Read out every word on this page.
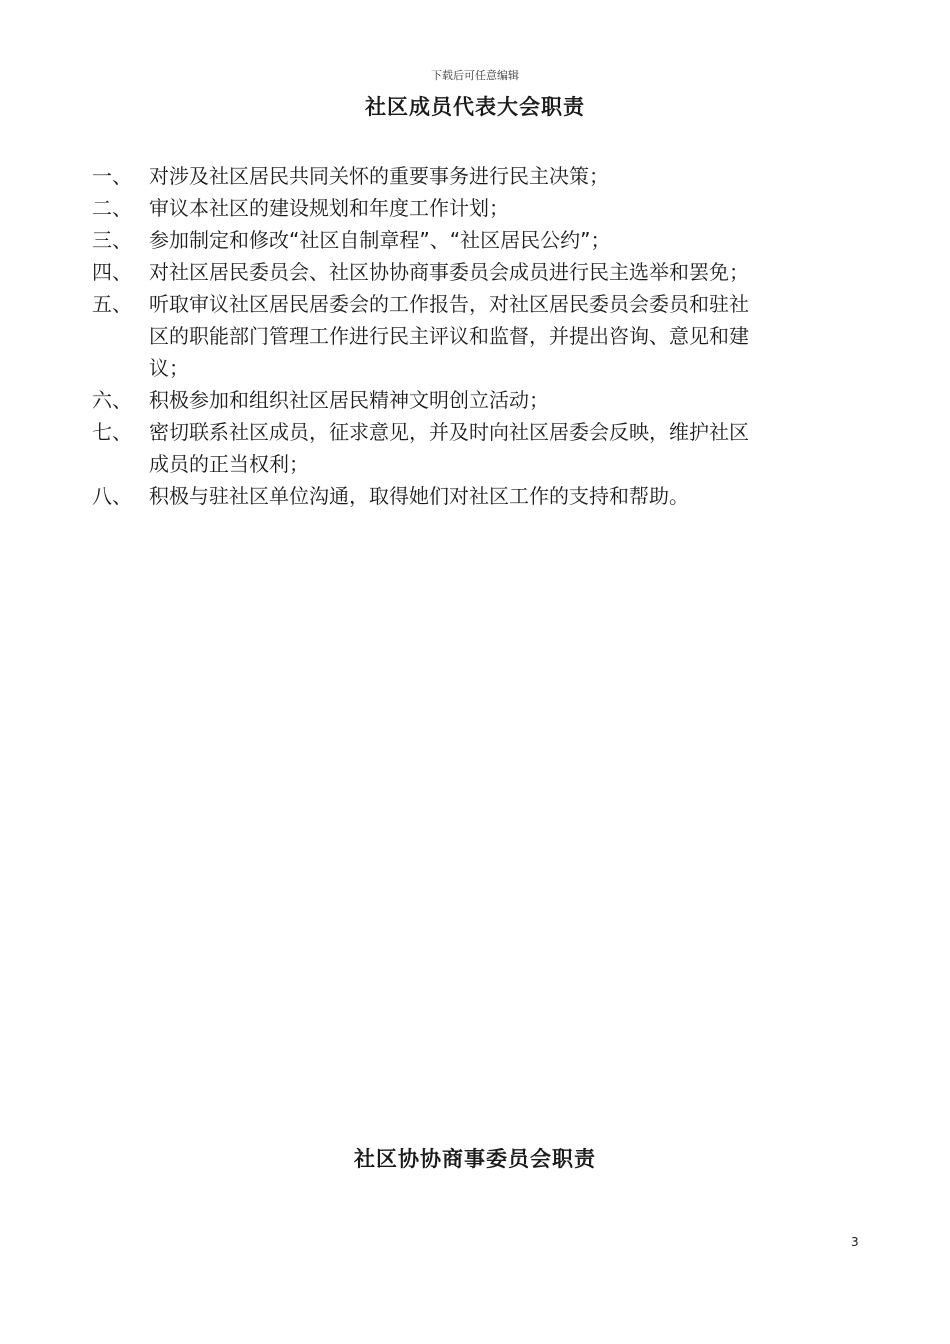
下载后可任意编辑
社区成员代表大会职责
一、 对涉及社区居民共同关怀的重要事务进行民主决策；
二、 审议本社区的建设规划和年度工作计划；
三、 参加制定和修改“社区自制章程”、“社区居民公约”；
四、 对社区居民委员会、社区协协商事委员会成员进行民主选举和罢免；
五、 听取审议社区居民居委会的工作报告，对社区居民委员会委员和驻社区的职能部门管理工作进行民主评议和监督，并提出咨询、意见和建议；
六、 积极参加和组织社区居民精神文明创立活动；
七、 密切联系社区成员，征求意见，并及时向社区居委会反映，维护社区成员的正当权利；
八、 积极与驻社区单位沟通，取得她们对社区工作的支持和帮助。
社区协协商事委员会职责
3
